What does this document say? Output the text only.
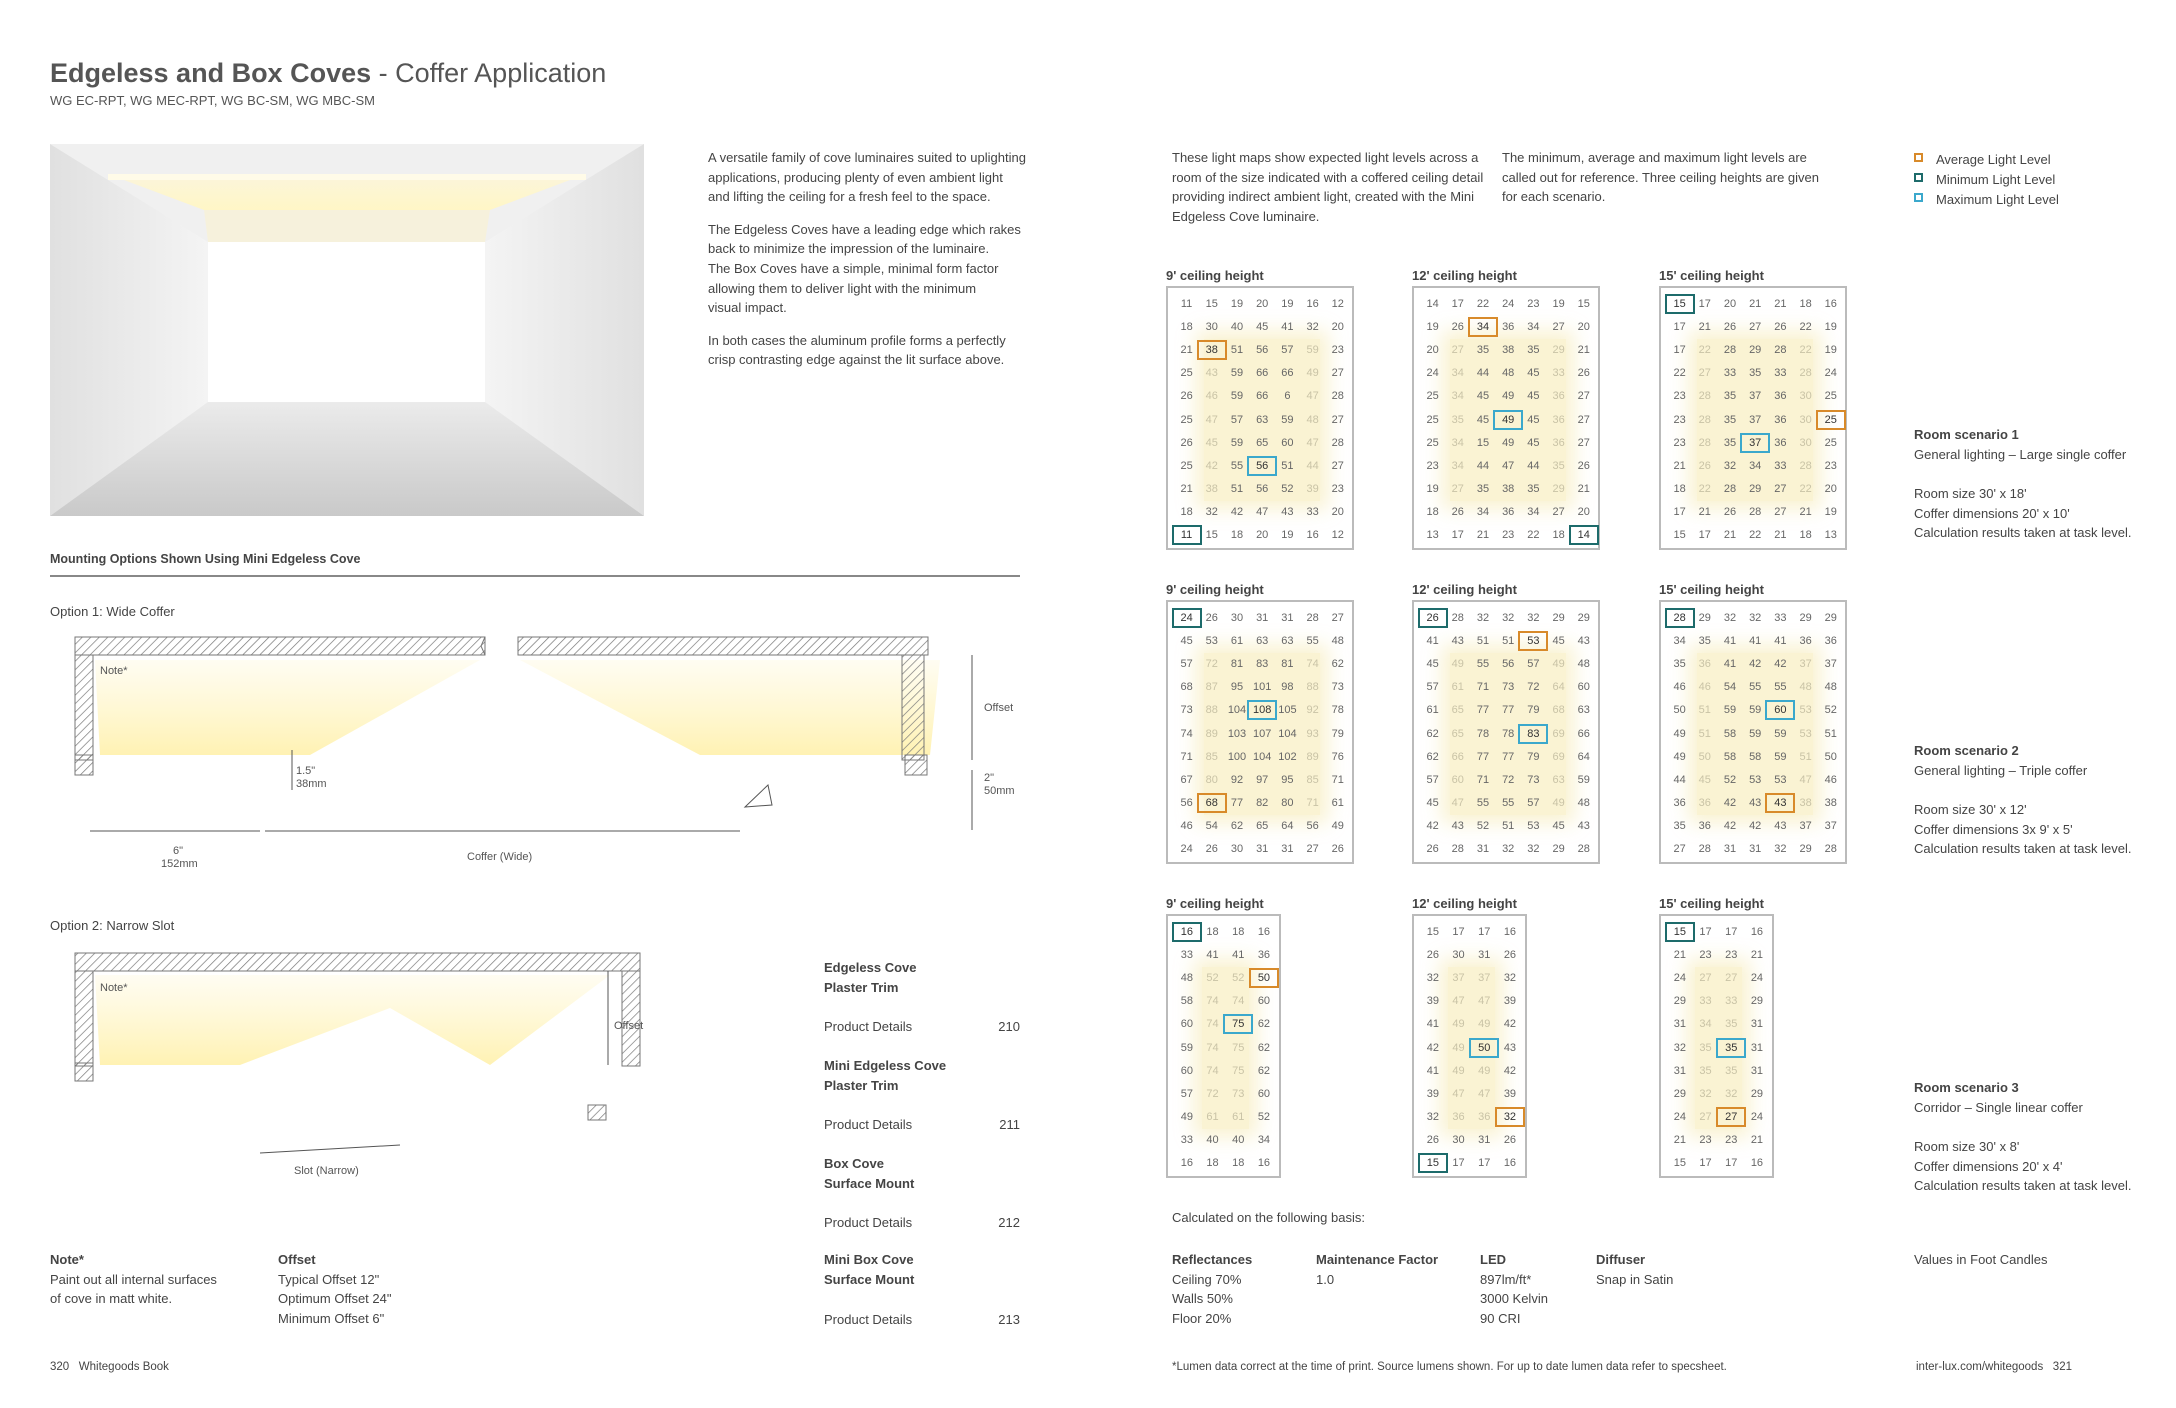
Edgeless and Box Coves - Coffer Application
WG EC-RPT, WG MEC-RPT, WG BC-SM, WG MBC-SM
A versatile family of cove luminaires suited to uplighting
applications, producing plenty of even ambient light
and lifting the ceiling for a fresh feel to the space.
The Edgeless Coves have a leading edge which rakes
back to minimize the impression of the luminaire.
The Box Coves have a simple, minimal form factor
allowing them to deliver light with the minimum
visual impact.
In both cases the aluminum profile forms a perfectly
crisp contrasting edge against the lit surface above.
Mounting Options Shown Using Mini Edgeless Cove
Option 1: Wide Coffer
Option 2: Narrow Slot
Note*
1.5"
38mm
Offset
2"
50mm
6"
152mm
Coffer (Wide)
Note*
Offset
Slot (Narrow)
Note*
Paint out all internal surfaces
of cove in matt white.
Offset
Typical Offset 12"
Optimum Offset 24"
Minimum Offset 6"
Edgeless Cove
Plaster Trim
Product Details	210
Mini Edgeless Cove
Plaster Trim
Product Details	211
Box Cove
Surface Mount
Product Details	212
Mini Box Cove
Surface Mount
Product Details	213
These light maps show expected light levels across a
room of the size indicated with a coffered ceiling detail
providing indirect ambient light, created with the Mini
Edgeless Cove luminaire.
The minimum, average and maximum light levels are
called out for reference. Three ceiling heights are given
for each scenario.
Average Light Level
Minimum Light Level
Maximum Light Level
9' ceiling height
11	15	19	20	19	16	12
18	30	40	45	41	32	20
21	38	51	56	57	59	23
25	43	59	66	66	49	27
26	46	59	66	6	47	28
25	47	57	63	59	48	27
26	45	59	65	60	47	28
25	42	55	56	51	44	27
21	38	51	56	52	39	23
18	32	42	47	43	33	20
11	15	18	20	19	16	12
12' ceiling height
14	17	22	24	23	19	15
19	26	34	36	34	27	20
20	27	35	38	35	29	21
24	34	44	48	45	33	26
25	34	45	49	45	36	27
25	35	45	49	45	36	27
25	34	15	49	45	36	27
23	34	44	47	44	35	26
19	27	35	38	35	29	21
18	26	34	36	34	27	20
13	17	21	23	22	18	14
15' ceiling height
15	17	20	21	21	18	16
17	21	26	27	26	22	19
17	22	28	29	28	22	19
22	27	33	35	33	28	24
23	28	35	37	36	30	25
23	28	35	37	36	30	25
23	28	35	37	36	30	25
21	26	32	34	33	28	23
18	22	28	29	27	22	20
17	21	26	28	27	21	19
15	17	21	22	21	18	13
9' ceiling height
24	26	30	31	31	28	27
45	53	61	63	63	55	48
57	72	81	83	81	74	62
68	87	95 101 98	88	73
73	88 104 108 105 92	78
74	89 103 107 104 93	79
71	85 100 104 102 89	76
67	80	92	97	95	85	71
56	68	77	82	80	71	61
46	54	62	65	64	56	49
24	26	30	31	31	27	26
12' ceiling height
26	28	32	32	32	29	29
41	43	51	51	53	45	43
45	49	55	56	57	49	48
57	61	71	73	72	64	60
61	65	77	77	79	68	63
62	65	78	78	83	69	66
62	66	77	77	79	69	64
57	60	71	72	73	63	59
45	47	55	55	57	49	48
42	43	52	51	53	45	43
26	28	31	32	32	29	28
15' ceiling height
28	29	32	32	33	29	29
34	35	41	41	41	36	36
35	36	41	42	42	37	37
46	46	54	55	55	48	48
50	51	59	59	60	53	52
49	51	58	59	59	53	51
49	50	58	58	59	51	50
44	45	52	53	53	47	46
36	36	42	43	43	38	38
35	36	42	42	43	37	37
27	28	31	31	32	29	28
9' ceiling height
16	18	18	16
33	41	41	36
48	52	52	50
58	74	74	60
60	74	75	62
59	74	75	62
60	74	75	62
57	72	73	60
49	61	61	52
33	40	40	34
16	18	18	16
12' ceiling height
15	17	17	16
26	30	31	26
32	37	37	32
39	47	47	39
41	49	49	42
42	49	50	43
41	49	49	42
39	47	47	39
32	36	36	32
26	30	31	26
15	17	17	16
15' ceiling height
15	17	17	16
21	23	23	21
24	27	27	24
29	33	33	29
31	34	35	31
32	35	35	31
31	35	35	31
29	32	32	29
24	27	27	24
21	23	23	21
15	17	17	16
Room scenario 1
General lighting – Large single coffer
Room size 30' x 18'
Coffer dimensions 20' x 10'
Calculation results taken at task level.
Room scenario 2
General lighting – Triple coffer
Room size 30' x 12'
Coffer dimensions 3x 9' x 5'
Calculation results taken at task level.
Room scenario 3
Corridor – Single linear coffer
Room size 30' x 8'
Coffer dimensions 20' x 4'
Calculation results taken at task level.
Calculated on the following basis:
Reflectances
Ceiling 70%
Walls 50%
Floor 20%
Maintenance Factor
1.0
LED
897lm/ft*
3000 Kelvin
90 CRI
Diffuser
Snap in Satin
Values in Foot Candles
320 Whitegoods Book	*Lumen data correct at the time of print. Source lumens shown. For up to date lumen data refer to specsheet.	inter-lux.com/whitegoods 321
